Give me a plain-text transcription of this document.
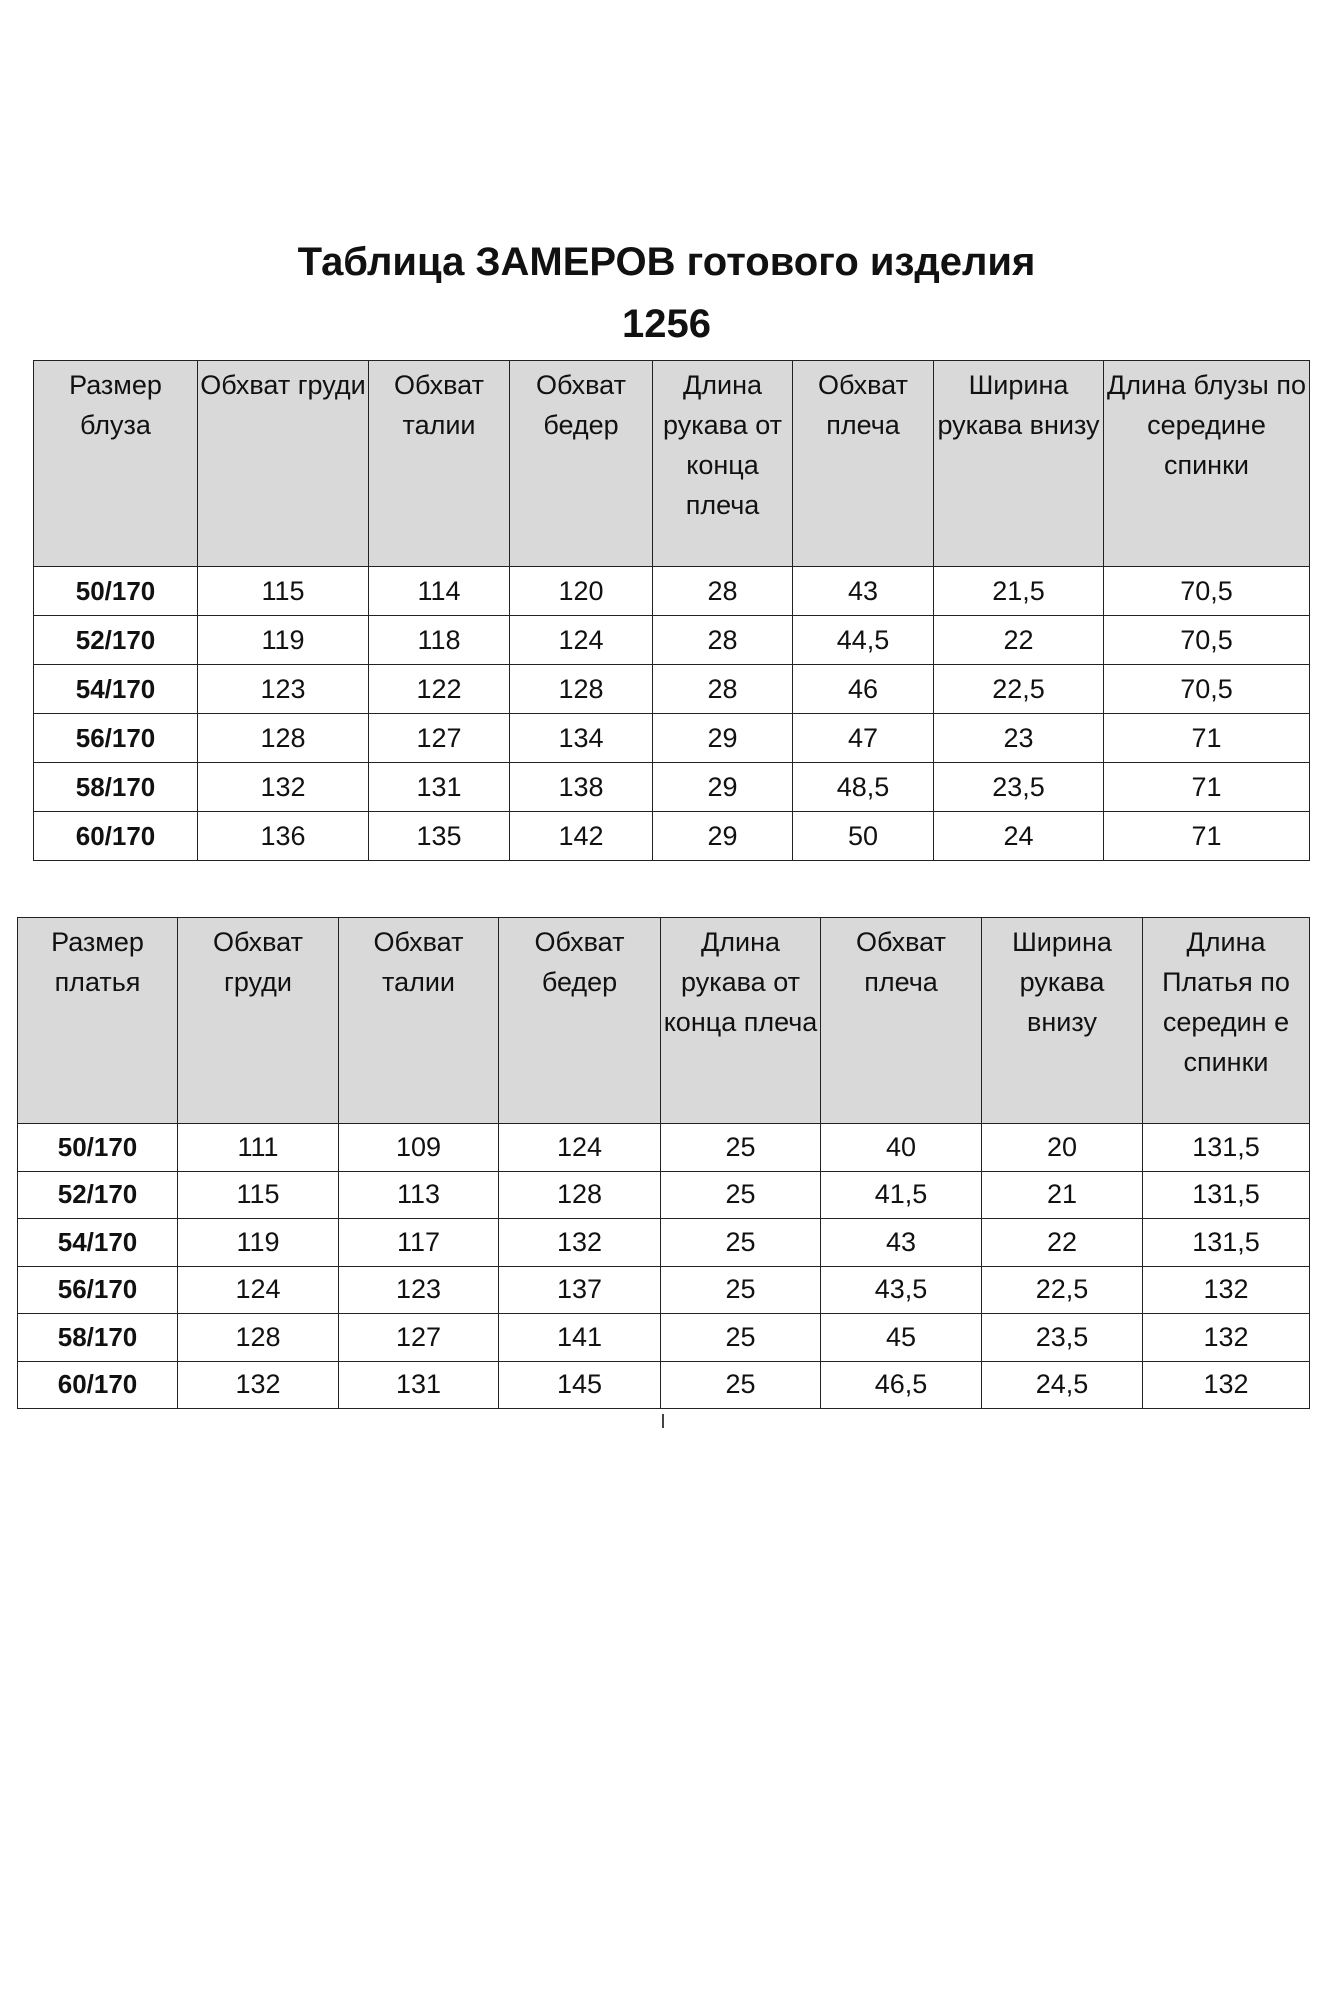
Таблица ЗАМЕРОВ готового изделия
1256
Размер блуза	Обхват груди	Обхват талии	Обхват бедер	Длина рукава от конца плеча	Обхват плеча	Ширина рукава внизу	Длина блузы по середине спинки
50/170	115	114	120	28	43	21,5	70,5
52/170	119	118	124	28	44,5	22	70,5
54/170	123	122	128	28	46	22,5	70,5
56/170	128	127	134	29	47	23	71
58/170	132	131	138	29	48,5	23,5	71
60/170	136	135	142	29	50	24	71
Размер платья	Обхват груди	Обхват талии	Обхват бедер	Длина рукава от конца плеча	Обхват плеча	Ширина рукава внизу	Длина Платья по середин е спинки
50/170	111	109	124	25	40	20	131,5
52/170	115	113	128	25	41,5	21	131,5
54/170	119	117	132	25	43	22	131,5
56/170	124	123	137	25	43,5	22,5	132
58/170	128	127	141	25	45	23,5	132
60/170	132	131	145	25	46,5	24,5	132
